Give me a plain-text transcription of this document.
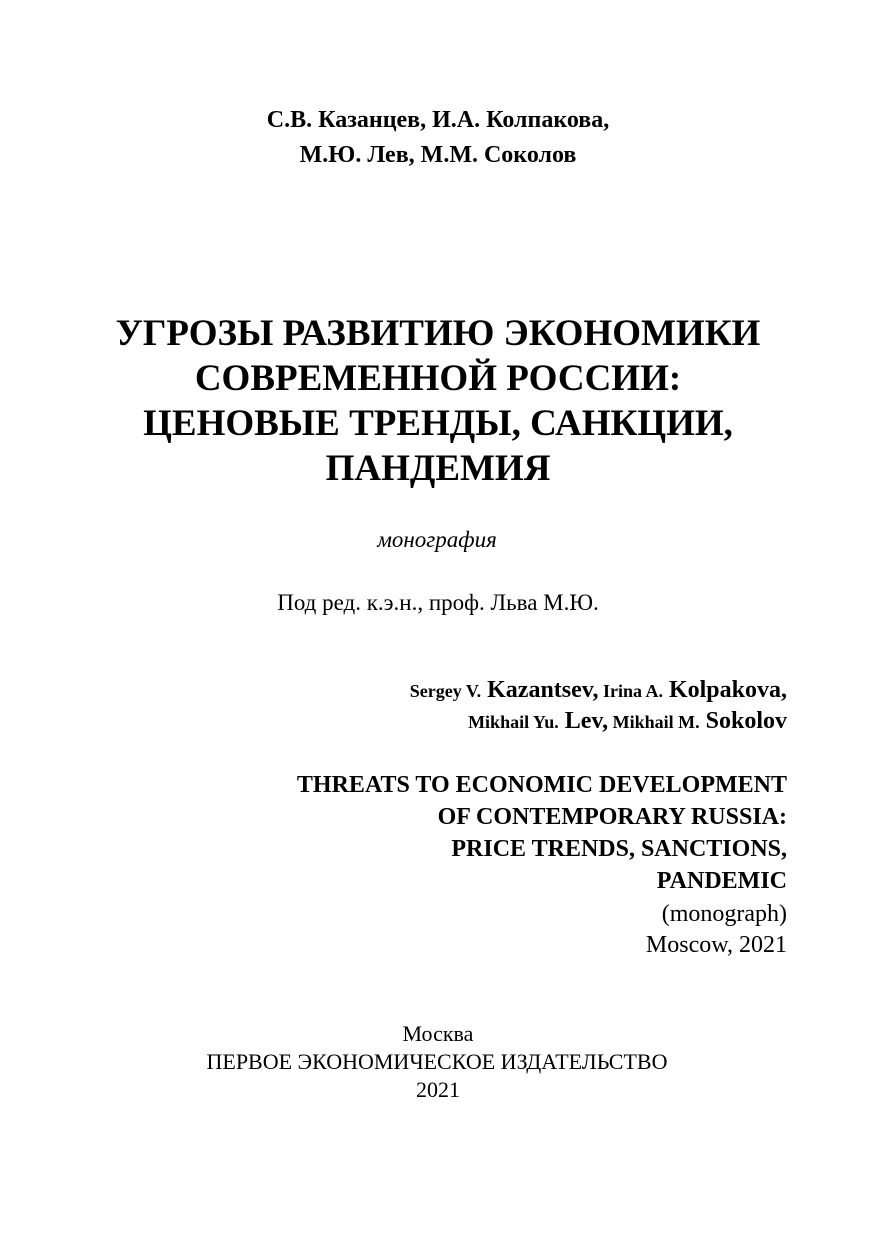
С.В. Казанцев, И.А. Колпакова,
М.Ю. Лев, М.М. Соколов
УГРОЗЫ РАЗВИТИЮ ЭКОНОМИКИ
СОВРЕМЕННОЙ РОССИИ:
ЦЕНОВЫЕ ТРЕНДЫ, САНКЦИИ,
ПАНДЕМИЯ
монография
Под ред. к.э.н., проф. Льва М.Ю.
Sergey V. Kazantsev, Irina A. Kolpakova,
Mikhail Yu. Lev, Mikhail M. Sokolov
THREATS TO ECONOMIC DEVELOPMENT
OF CONTEMPORARY RUSSIA:
PRICE TRENDS, SANCTIONS,
PANDEMIC
(monograph)
Moscow, 2021
Москва
ПЕРВОЕ ЭКОНОМИЧЕСКОЕ ИЗДАТЕЛЬСТВО
2021
